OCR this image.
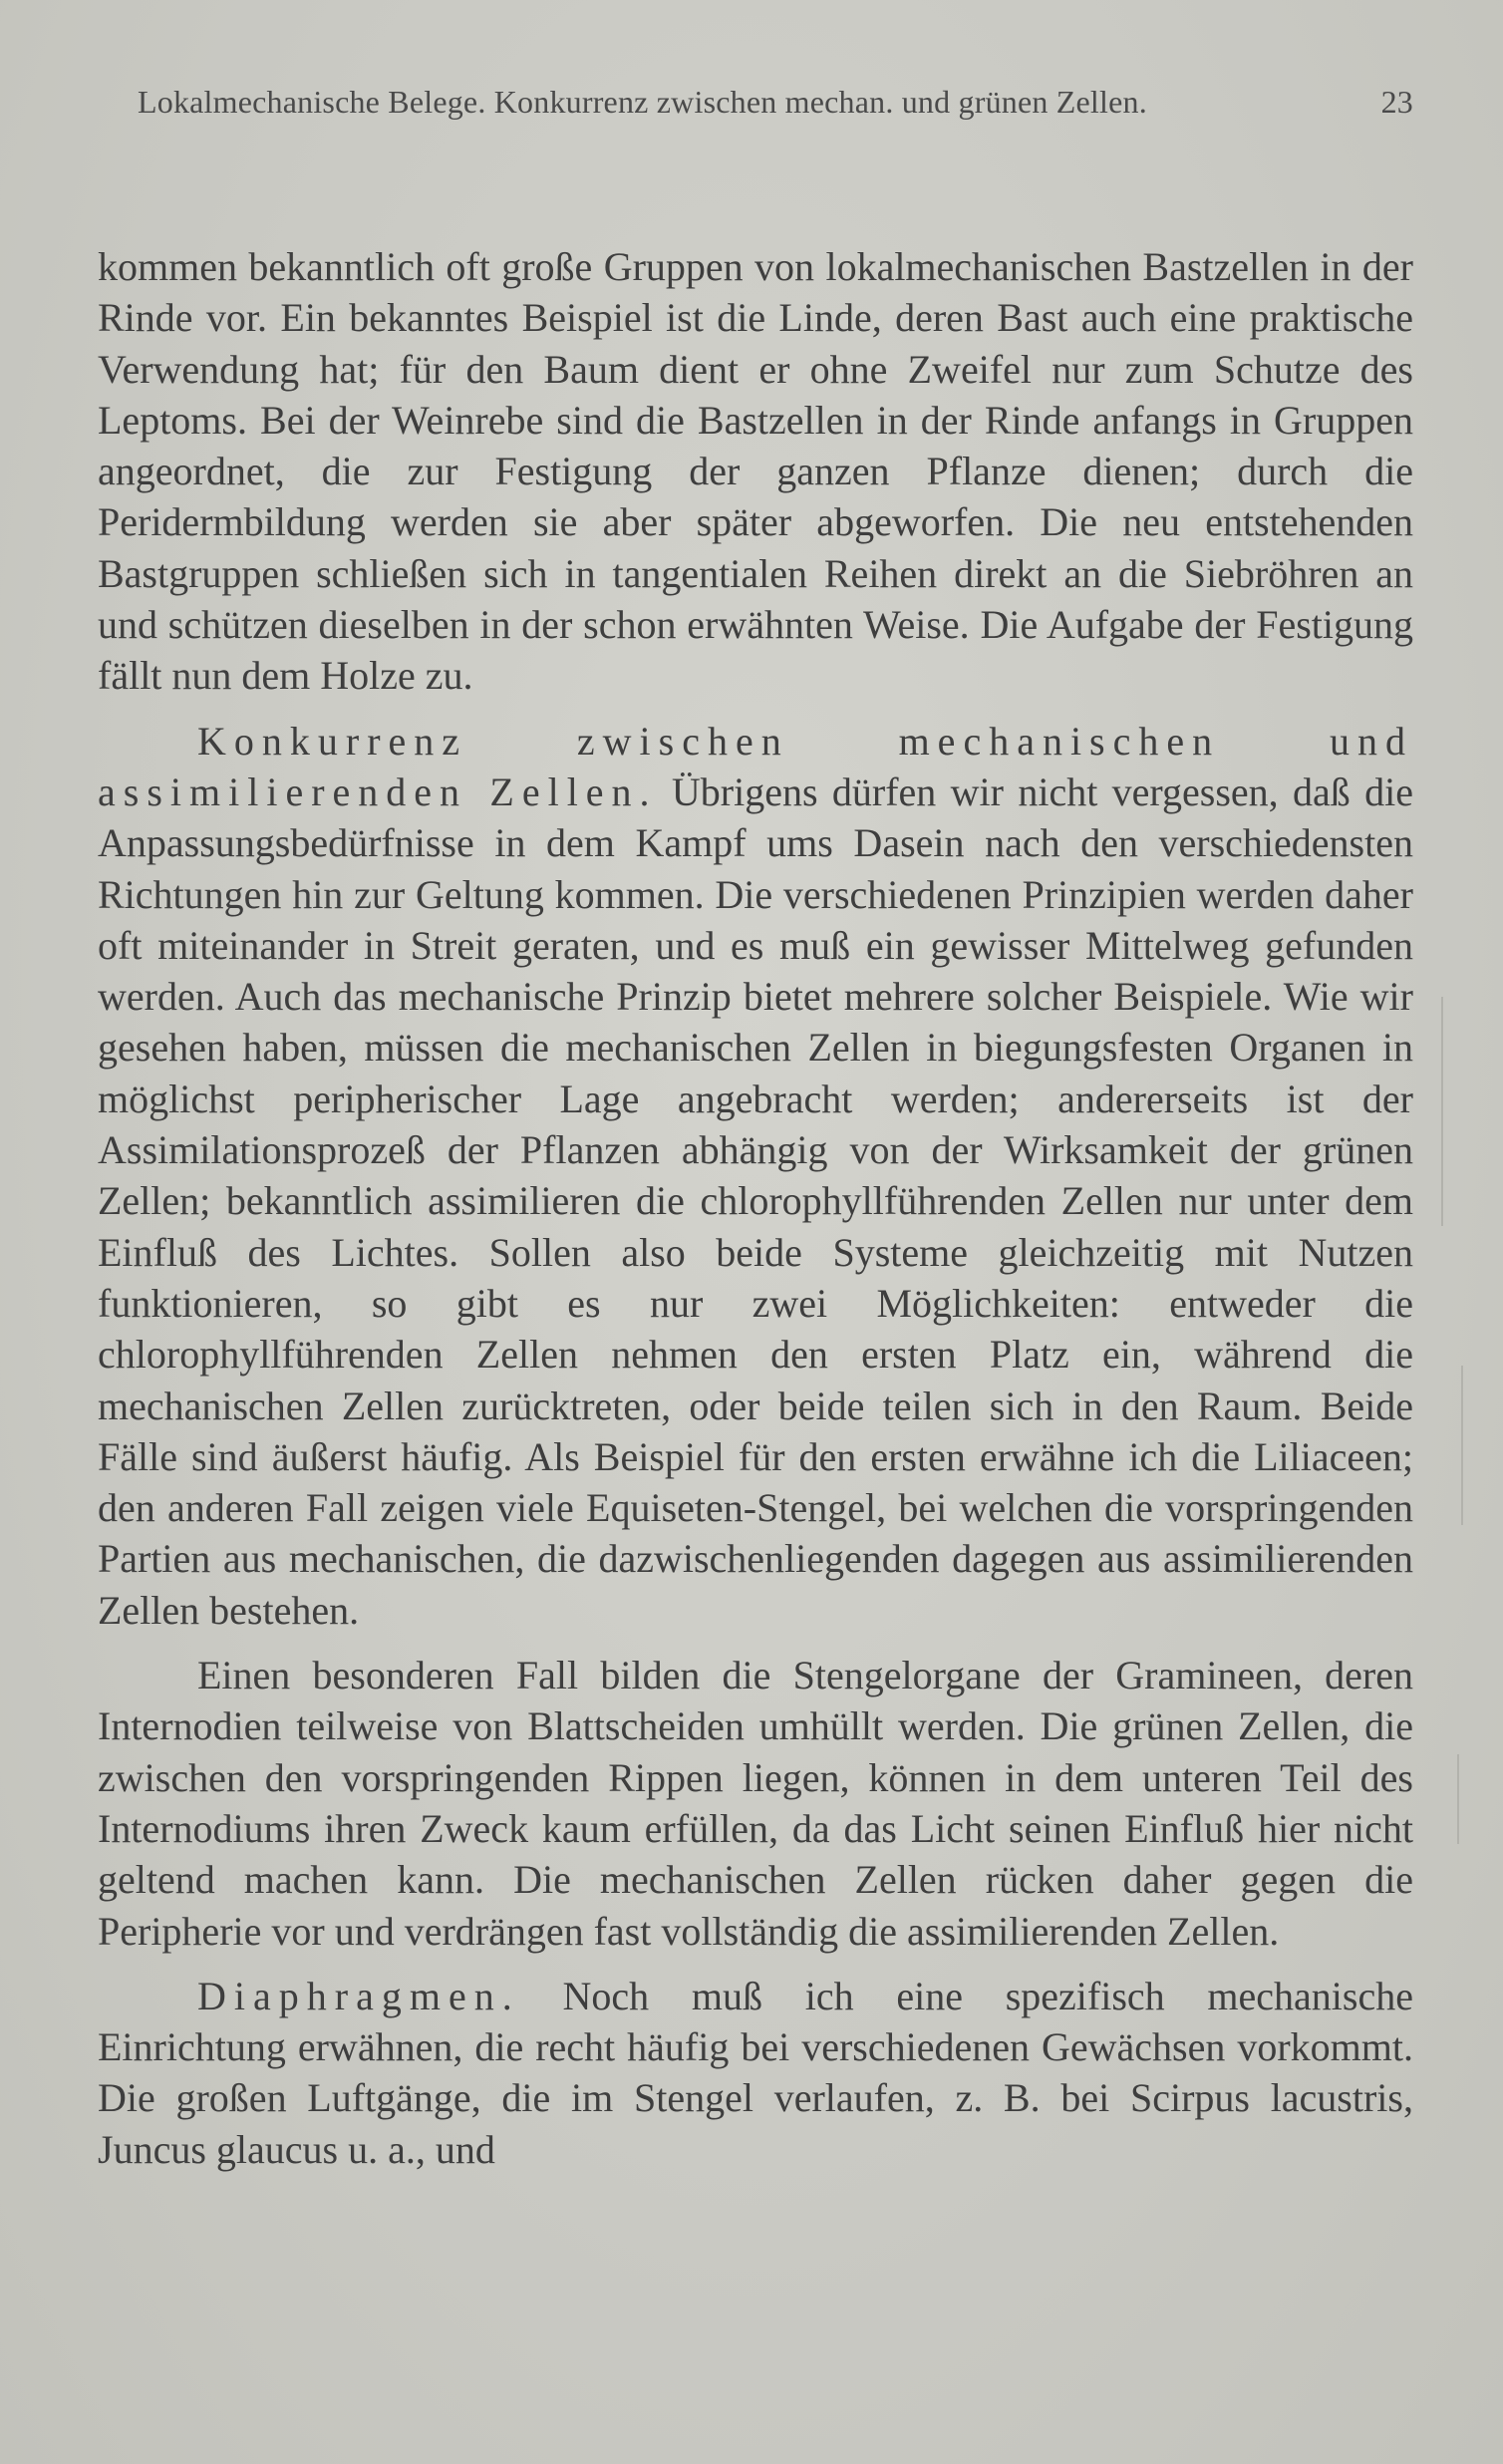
Lokalmechanische Belege. Konkurrenz zwischen mechan. und grünen Zellen.	23

kommen bekanntlich oft große Gruppen von lokalmechanischen Bastzellen in der Rinde vor. Ein bekanntes Beispiel ist die Linde, deren Bast auch eine praktische Verwendung hat; für den Baum dient er ohne Zweifel nur zum Schutze des Leptoms. Bei der Weinrebe sind die Bastzellen in der Rinde anfangs in Gruppen angeordnet, die zur Festigung der ganzen Pflanze dienen; durch die Peridermbildung werden sie aber später abgeworfen. Die neu entstehenden Bastgruppen schließen sich in tangentialen Reihen direkt an die Siebröhren an und schützen dieselben in der schon erwähnten Weise. Die Aufgabe der Festigung fällt nun dem Holze zu.

Konkurrenz zwischen mechanischen und assimilierenden Zellen. Übrigens dürfen wir nicht vergessen, daß die Anpassungsbedürfnisse in dem Kampf ums Dasein nach den verschiedensten Richtungen hin zur Geltung kommen. Die verschiedenen Prinzipien werden daher oft miteinander in Streit geraten, und es muß ein gewisser Mittelweg gefunden werden. Auch das mechanische Prinzip bietet mehrere solcher Beispiele. Wie wir gesehen haben, müssen die mechanischen Zellen in biegungsfesten Organen in möglichst peripherischer Lage angebracht werden; andererseits ist der Assimilationsprozeß der Pflanzen abhängig von der Wirksamkeit der grünen Zellen; bekanntlich assimilieren die chlorophyllführenden Zellen nur unter dem Einfluß des Lichtes. Sollen also beide Systeme gleichzeitig mit Nutzen funktionieren, so gibt es nur zwei Möglichkeiten: entweder die chlorophyllführenden Zellen nehmen den ersten Platz ein, während die mechanischen Zellen zurücktreten, oder beide teilen sich in den Raum. Beide Fälle sind äußerst häufig. Als Beispiel für den ersten erwähne ich die Liliaceen; den anderen Fall zeigen viele Equiseten-Stengel, bei welchen die vorspringenden Partien aus mechanischen, die dazwischenliegenden dagegen aus assimilierenden Zellen bestehen.

Einen besonderen Fall bilden die Stengelorgane der Gramineen, deren Internodien teilweise von Blattscheiden umhüllt werden. Die grünen Zellen, die zwischen den vorspringenden Rippen liegen, können in dem unteren Teil des Internodiums ihren Zweck kaum erfüllen, da das Licht seinen Einfluß hier nicht geltend machen kann. Die mechanischen Zellen rücken daher gegen die Peripherie vor und verdrängen fast vollständig die assimilierenden Zellen.

Diaphragmen. Noch muß ich eine spezifisch mechanische Einrichtung erwähnen, die recht häufig bei verschiedenen Gewächsen vorkommt. Die großen Luftgänge, die im Stengel verlaufen, z. B. bei Scirpus lacustris, Juncus glaucus u. a., und
